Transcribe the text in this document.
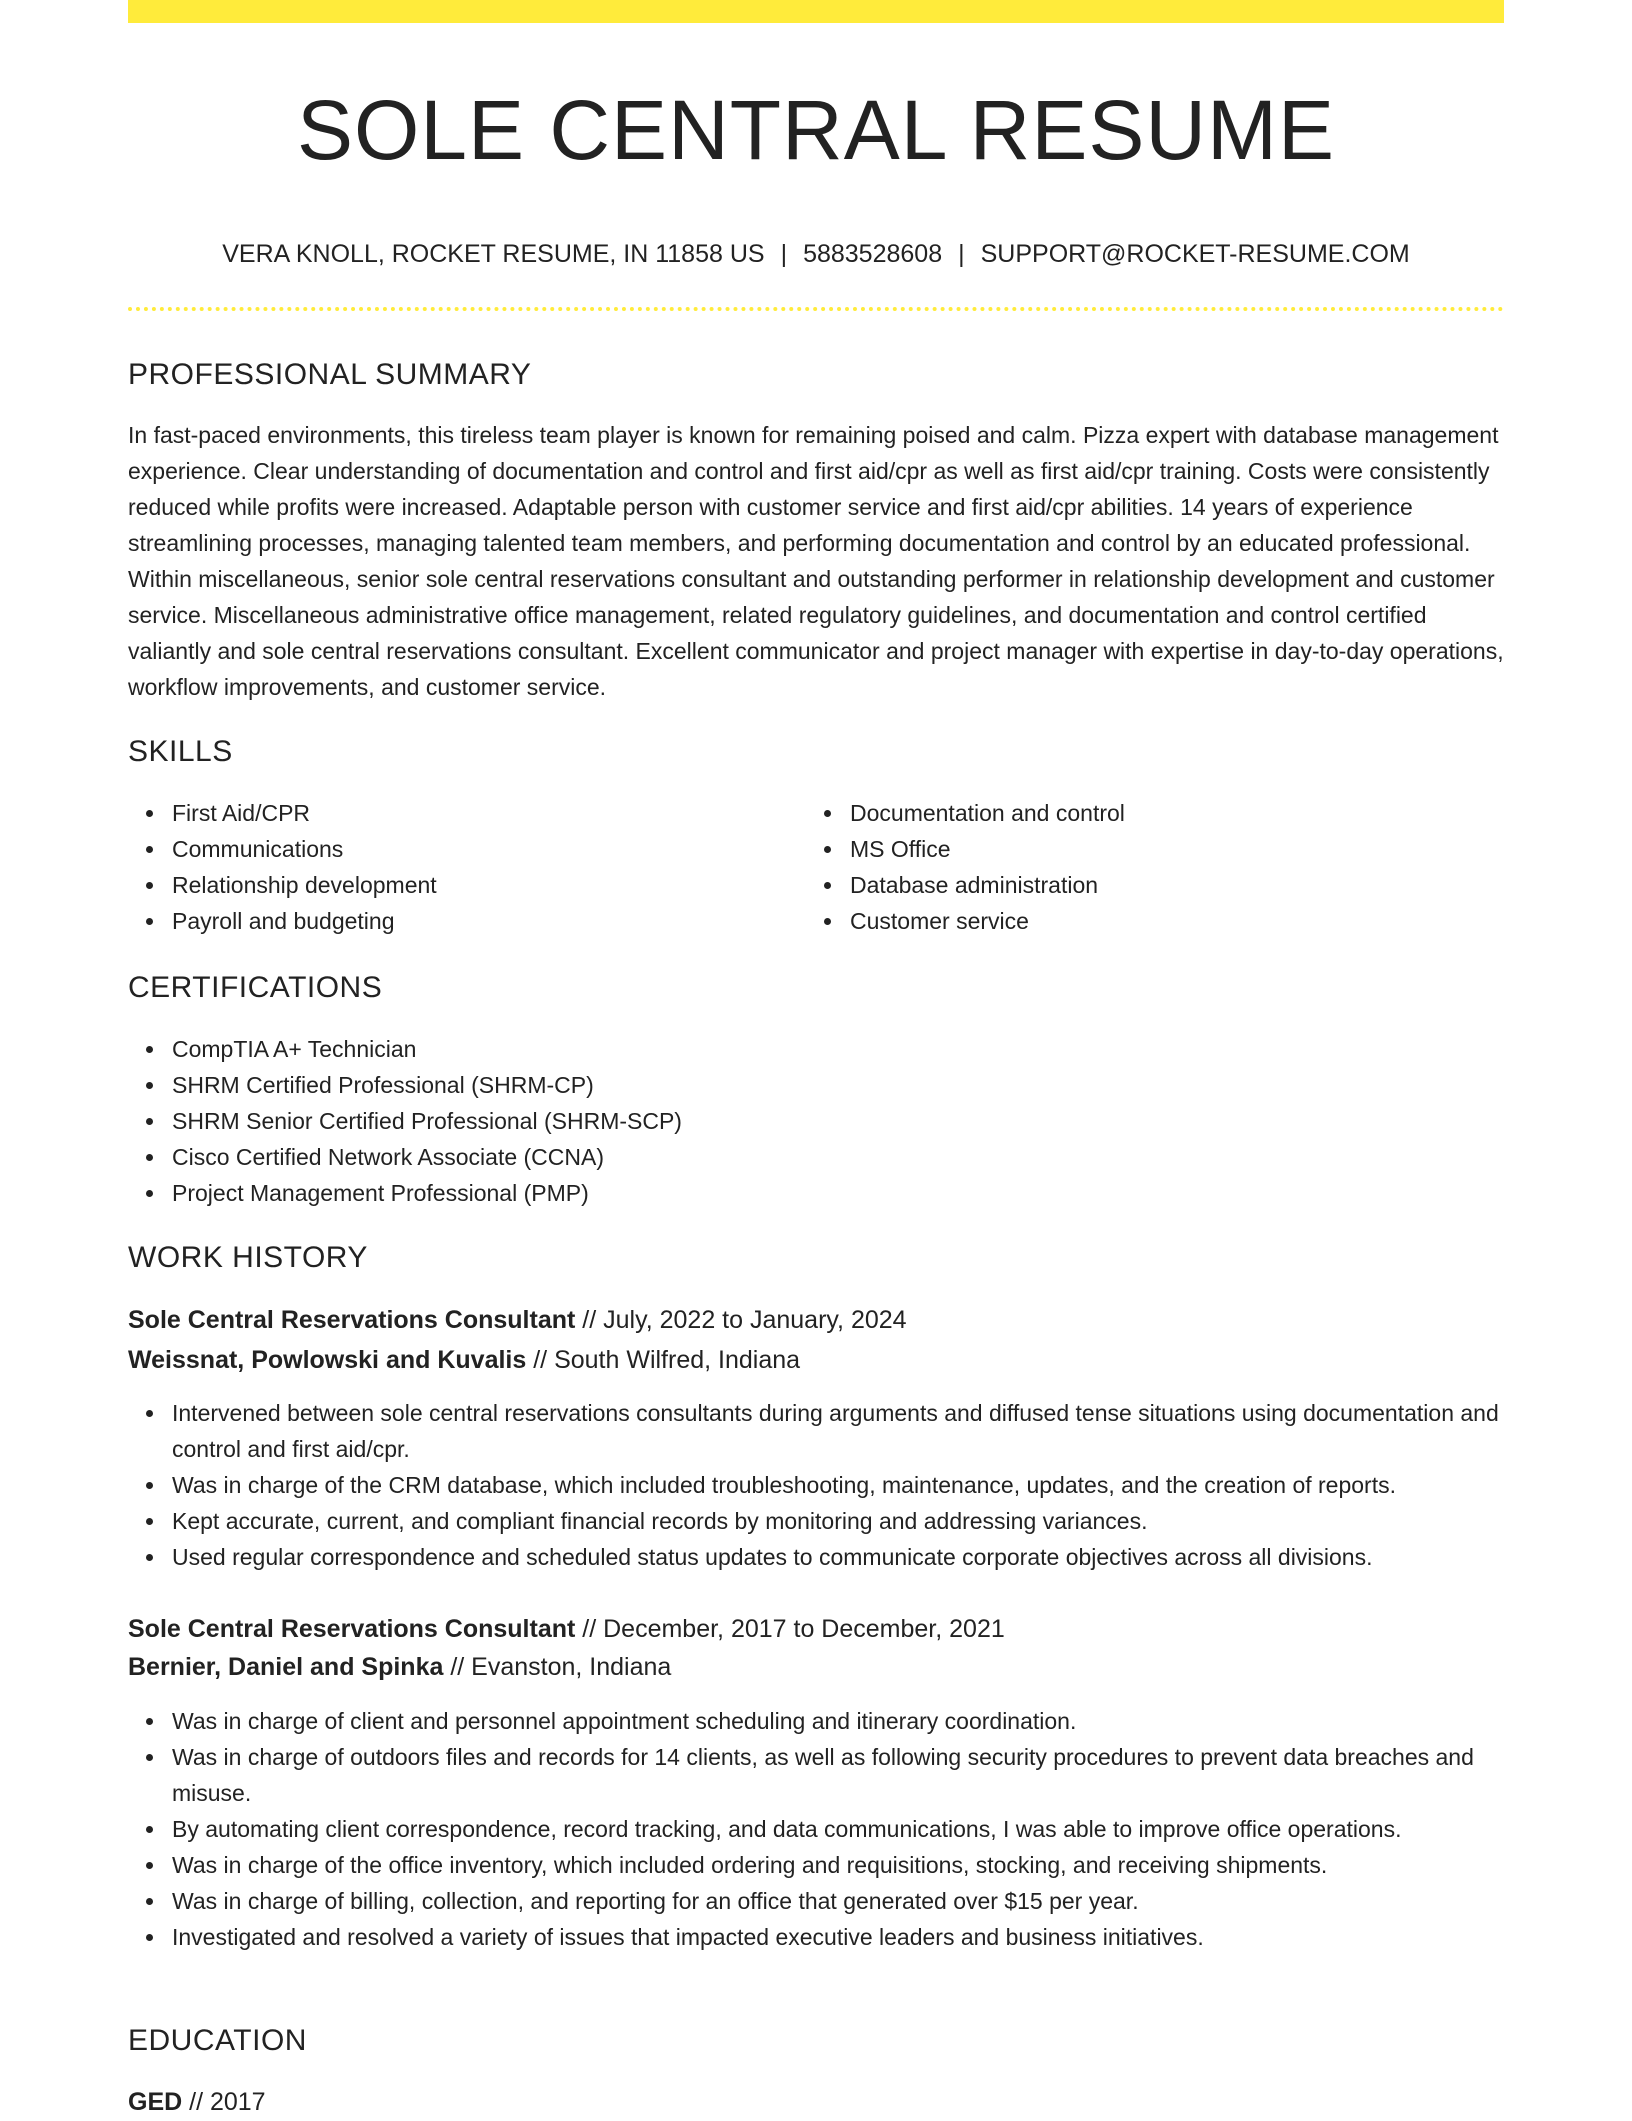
SOLE CENTRAL RESUME
VERA KNOLL, ROCKET RESUME, IN 11858 US | 5883528608 | SUPPORT@ROCKET-RESUME.COM
PROFESSIONAL SUMMARY

In fast-paced environments, this tireless team player is known for remaining poised and calm. Pizza expert with database management experience. Clear understanding of documentation and control and first aid/cpr as well as first aid/cpr training. Costs were consistently reduced while profits were increased. Adaptable person with customer service and first aid/cpr abilities. 14 years of experience streamlining processes, managing talented team members, and performing documentation and control by an educated professional. Within miscellaneous, senior sole central reservations consultant and outstanding performer in relationship development and customer service. Miscellaneous administrative office management, related regulatory guidelines, and documentation and control certified valiantly and sole central reservations consultant. Excellent communicator and project manager with expertise in day-to-day operations, workflow improvements, and customer service.

SKILLS
First Aid/CPR
Communications
Relationship development
Payroll and budgeting
Documentation and control
MS Office
Database administration
Customer service
CERTIFICATIONS
CompTIA A+ Technician
SHRM Certified Professional (SHRM-CP)
SHRM Senior Certified Professional (SHRM-SCP)
Cisco Certified Network Associate (CCNA)
Project Management Professional (PMP)
WORK HISTORY
Sole Central Reservations Consultant // July, 2022 to January, 2024
Weissnat, Powlowski and Kuvalis // South Wilfred, Indiana
Intervened between sole central reservations consultants during arguments and diffused tense situations using documentation and control and first aid/cpr.
Was in charge of the CRM database, which included troubleshooting, maintenance, updates, and the creation of reports.
Kept accurate, current, and compliant financial records by monitoring and addressing variances.
Used regular correspondence and scheduled status updates to communicate corporate objectives across all divisions.
Sole Central Reservations Consultant // December, 2017 to December, 2021
Bernier, Daniel and Spinka // Evanston, Indiana
Was in charge of client and personnel appointment scheduling and itinerary coordination.
Was in charge of outdoors files and records for 14 clients, as well as following security procedures to prevent data breaches and misuse.
By automating client correspondence, record tracking, and data communications, I was able to improve office operations.
Was in charge of the office inventory, which included ordering and requisitions, stocking, and receiving shipments.
Was in charge of billing, collection, and reporting for an office that generated over $15 per year.
Investigated and resolved a variety of issues that impacted executive leaders and business initiatives.
EDUCATION
GED // 2017
